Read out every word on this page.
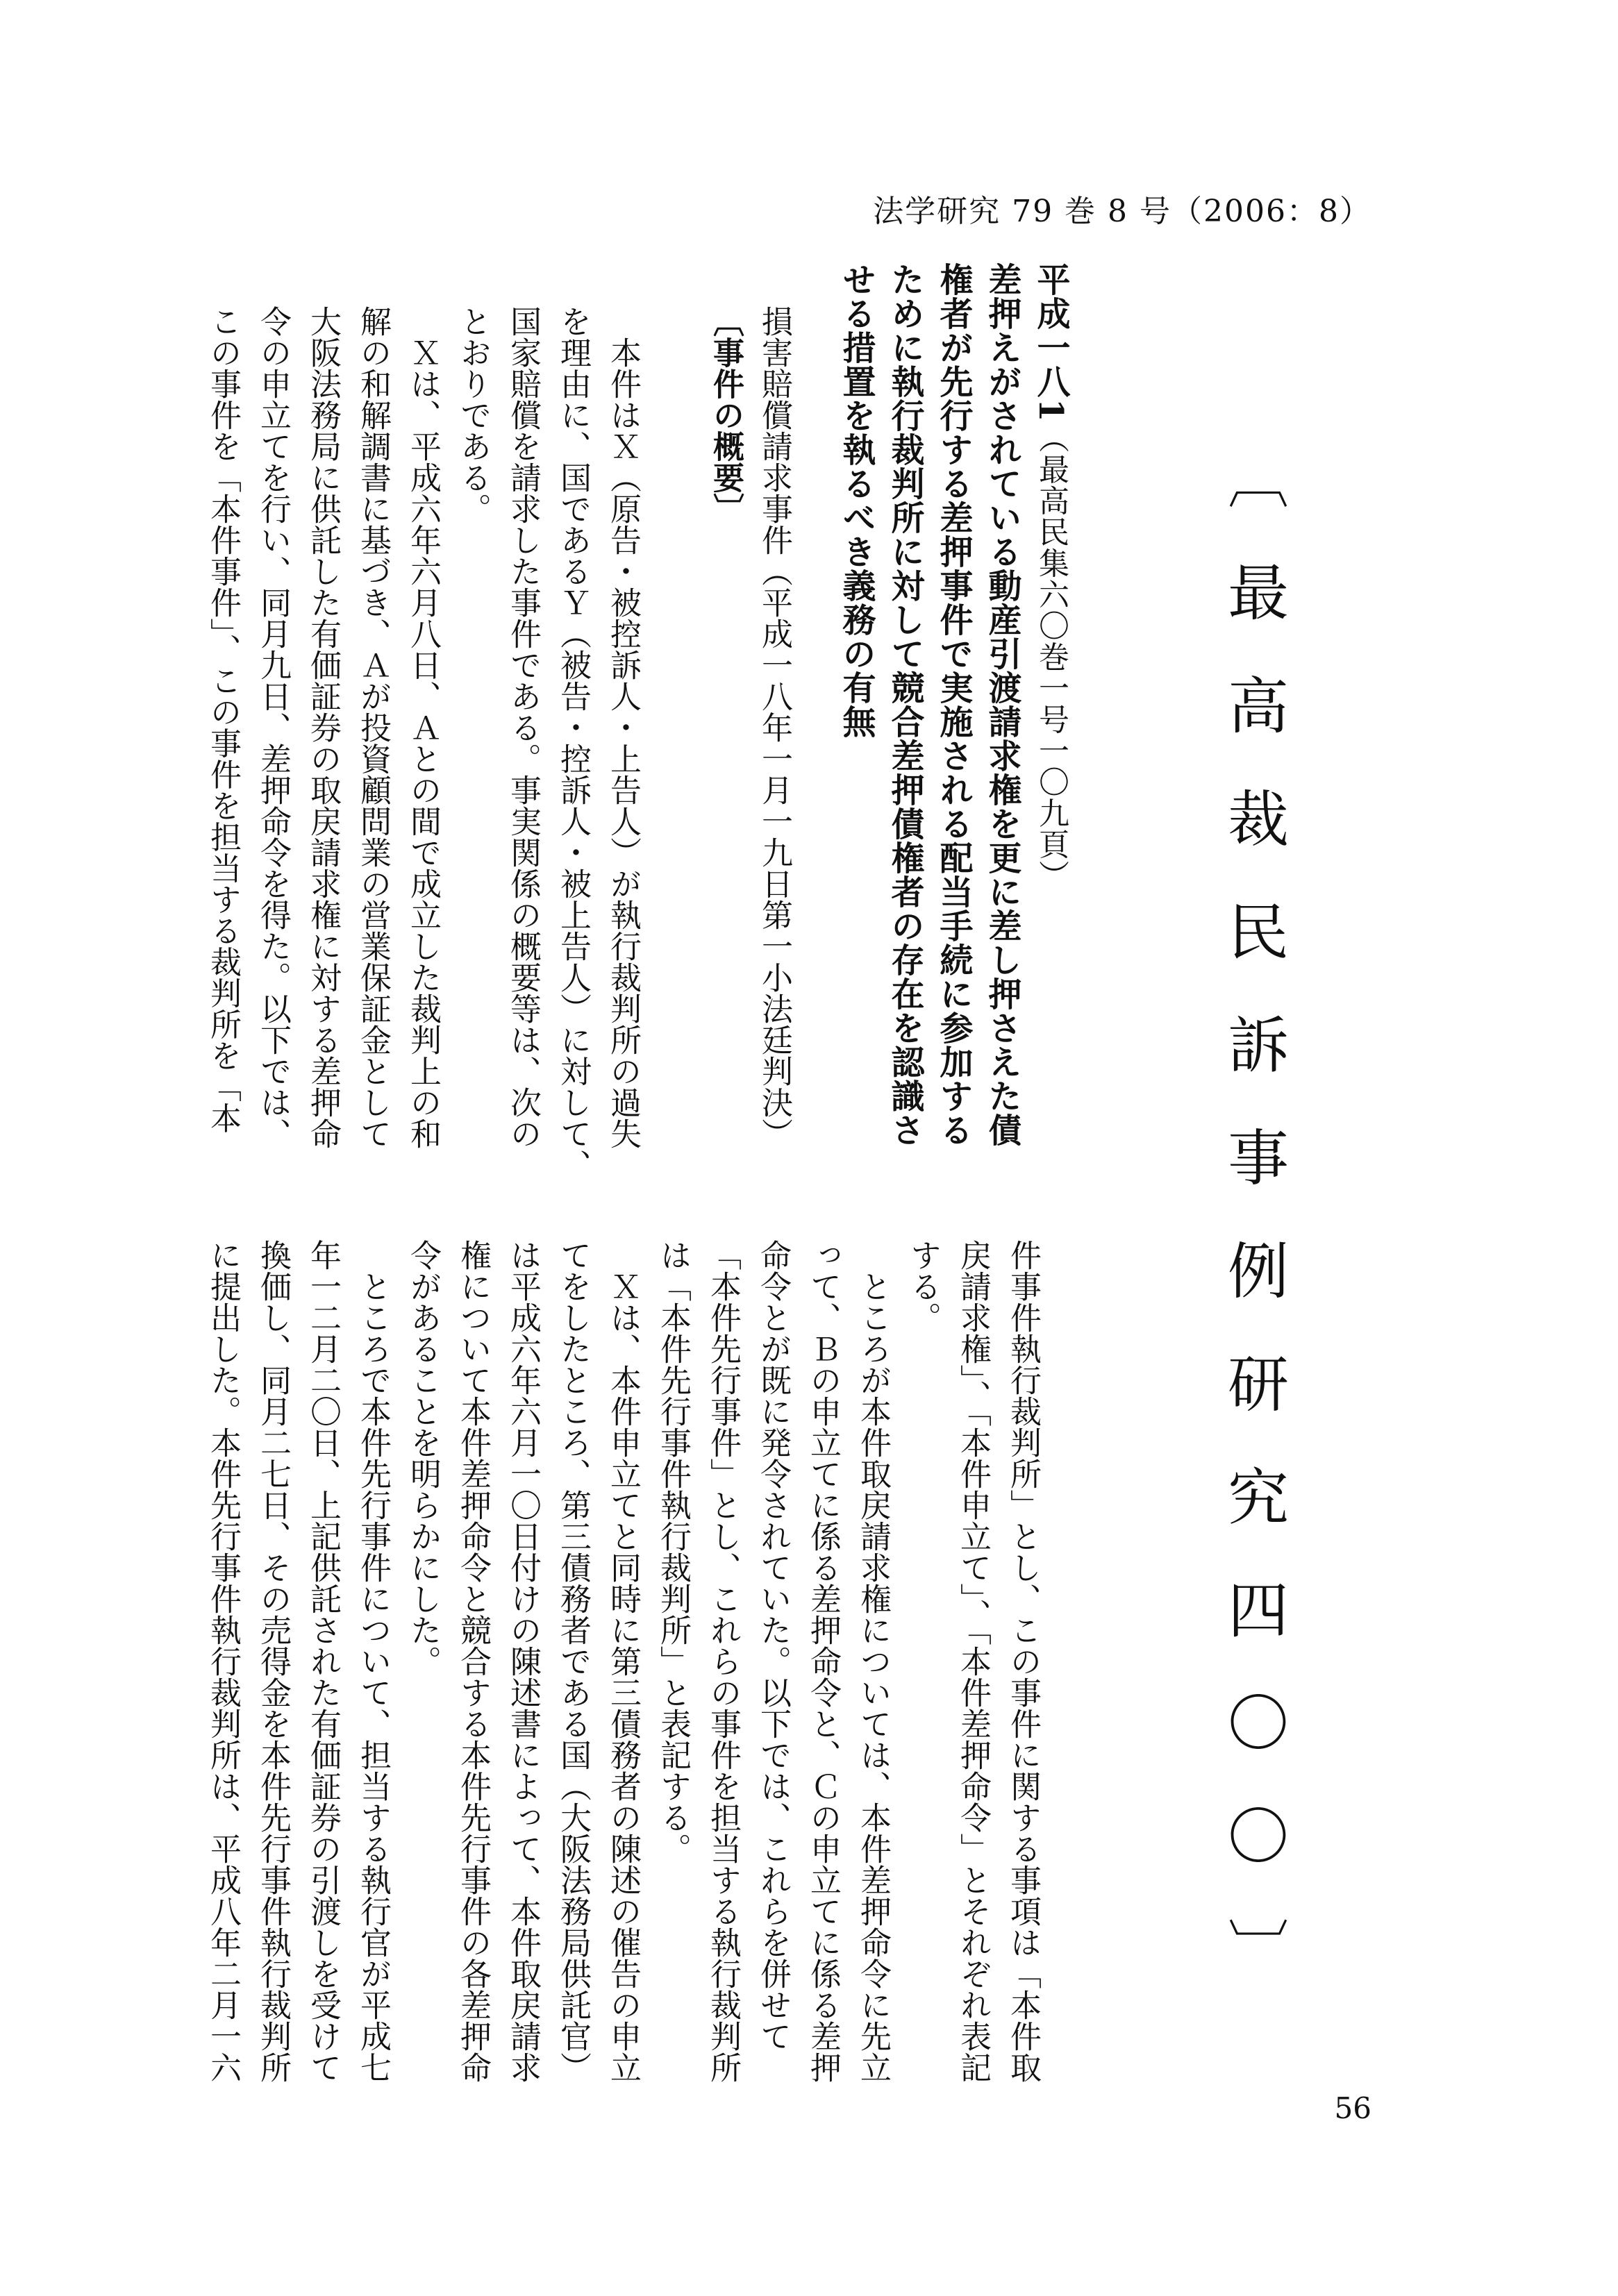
法学研究 79 巻 8 号（2006：8）
〔最高裁民訴事例研究四〇〇〕
平成一八1（最高民集六〇巻一号一〇九頁）
差押えがされている動産引渡請求権を更に差し押さえた債
権者が先行する差押事件で実施される配当手続に参加する
ために執行裁判所に対して競合差押債権者の存在を認識さ
せる措置を執るべき義務の有無
損害賠償請求事件（平成一八年一月一九日第一小法廷判決）
〔事件の概要〕
　本件はＸ（原告・被控訴人・上告人）が執行裁判所の過失
を理由に、国であるＹ（被告・控訴人・被上告人）に対して、
国家賠償を請求した事件である。事実関係の概要等は、次の
とおりである。
　Ｘは、平成六年六月八日、Ａとの間で成立した裁判上の和
解の和解調書に基づき、Ａが投資顧問業の営業保証金として
大阪法務局に供託した有価証券の取戻請求権に対する差押命
令の申立てを行い、同月九日、差押命令を得た。以下では、
この事件を「本件事件」、この事件を担当する裁判所を「本
件事件執行裁判所」とし、この事件に関する事項は「本件取
戻請求権」、「本件申立て」、「本件差押命令」とそれぞれ表記
する。
　ところが本件取戻請求権については、本件差押命令に先立
って、Ｂの申立てに係る差押命令と、Ｃの申立てに係る差押
命令とが既に発令されていた。以下では、これらを併せて
「本件先行事件」とし、これらの事件を担当する執行裁判所
は「本件先行事件執行裁判所」と表記する。
　Ｘは、本件申立てと同時に第三債務者の陳述の催告の申立
てをしたところ、第三債務者である国（大阪法務局供託官）
は平成六年六月一〇日付けの陳述書によって、本件取戻請求
権について本件差押命令と競合する本件先行事件の各差押命
令があることを明らかにした。
　ところで本件先行事件について、担当する執行官が平成七
年一二月二〇日、上記供託された有価証券の引渡しを受けて
換価し、同月二七日、その売得金を本件先行事件執行裁判所
に提出した。本件先行事件執行裁判所は、平成八年二月一六
56
